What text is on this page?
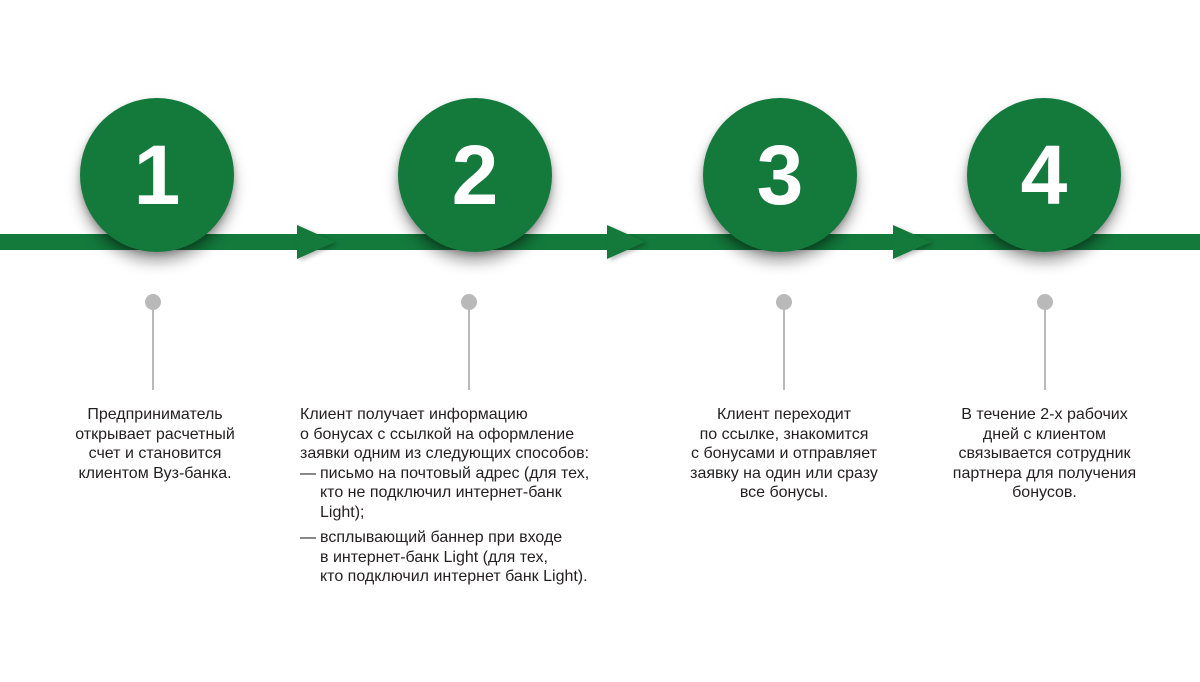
1	2	3	4

Предприниматель

открывает расчетный

счет и становится

клиентом Вуз-банка.

Клиент получает информацию

о бонусах с ссылкой на оформление

заявки одним из следующих способов:

— письмо на почтовый адрес (для тех,

кто не подключил интернет-банк

Light);

— всплывающий баннер при входе

в интернет-банк Light (для тех,

кто подключил интернет банк Light).

Клиент переходит

по ссылке, знакомится

с бонусами и отправляет

заявку на один или сразу

все бонусы.

В течение 2-х рабочих

дней с клиентом

связывается сотрудник

партнера для получения

бонусов.
